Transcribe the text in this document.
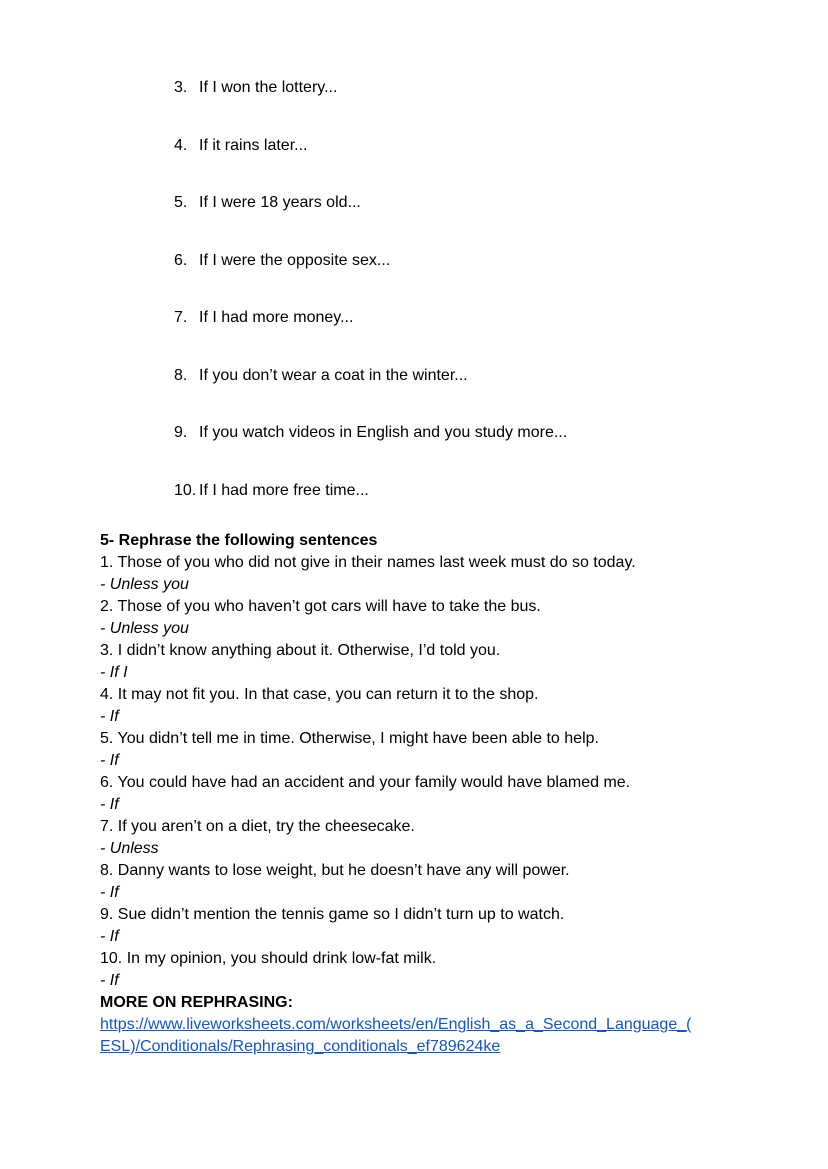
3. If I won the lottery...
4. If it rains later...
5. If I were 18 years old...
6. If I were the opposite sex...
7. If I had more money...
8. If you don’t wear a coat in the winter...
9. If you watch videos in English and you study more...
10. If I had more free time...
5- Rephrase the following sentences
1. Those of you who did not give in their names last week must do so today.
- Unless you
2. Those of you who haven’t got cars will have to take the bus.
- Unless you
3. I didn’t know anything about it. Otherwise, I’d told you.
- If I
4. It may not fit you. In that case, you can return it to the shop.
- If
5. You didn’t tell me in time. Otherwise, I might have been able to help.
- If
6. You could have had an accident and your family would have blamed me.
- If
7. If you aren’t on a diet, try the cheesecake.
- Unless
8. Danny wants to lose weight, but he doesn’t have any will power.
- If
9. Sue didn’t mention the tennis game so I didn’t turn up to watch.
- If
10. In my opinion, you should drink low-fat milk.
- If
MORE ON REPHRASING:
https://www.liveworksheets.com/worksheets/en/English_as_a_Second_Language_(
ESL)/Conditionals/Rephrasing_conditionals_ef789624ke
